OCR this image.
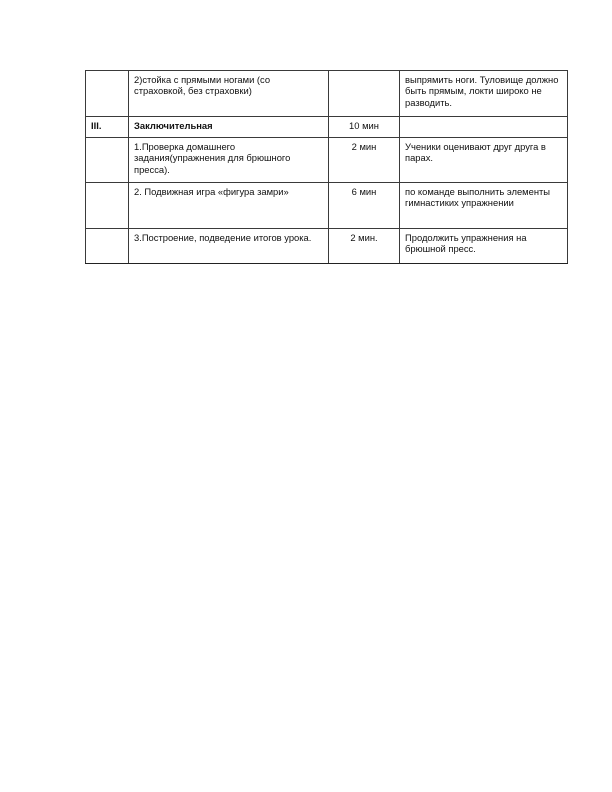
	2)стойка с прямыми ногами (со страховкой, без страховки)		выпрямить ноги. Туловище должно быть прямым, локти широко не разводить.
III.	Заключительная	10 мин	
	1.Проверка домашнего задания(упражнения для брюшного пресса).	2 мин	Ученики оценивают друг друга в парах.
	2. Подвижная игра «фигура замри»	6 мин	по команде выполнить элементы гимнастиких упражнении
	3.Построение, подведение итогов урока.	2 мин.	Продолжить упражнения на брюшной пресс.
